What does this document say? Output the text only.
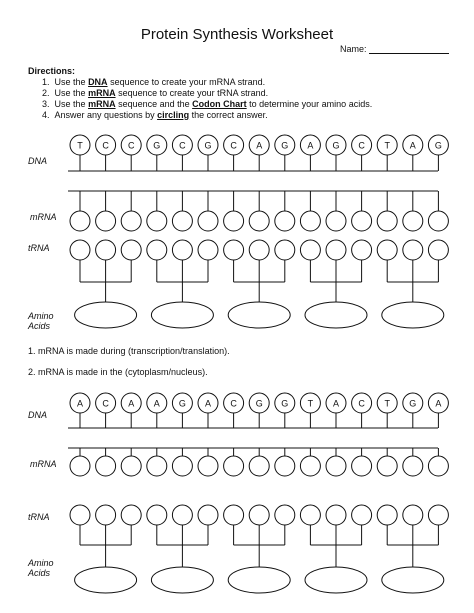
Protein Synthesis Worksheet
Name:
Directions:
1. Use the DNA sequence to create your mRNA strand.
2. Use the mRNA sequence to create your tRNA strand.
3. Use the mRNA sequence and the Codon Chart to determine your amino acids.
4. Answer any questions by circling the correct answer.
DNA
mRNA
tRNA
Amino
Acids
1. mRNA is made during (transcription/translation).
2. mRNA is made in the (cytoplasm/nucleus).
DNA
mRNA
tRNA
Amino
Acids
T C C G C G C A G A G C T A G
A C A A G A C G G T A C T G A
